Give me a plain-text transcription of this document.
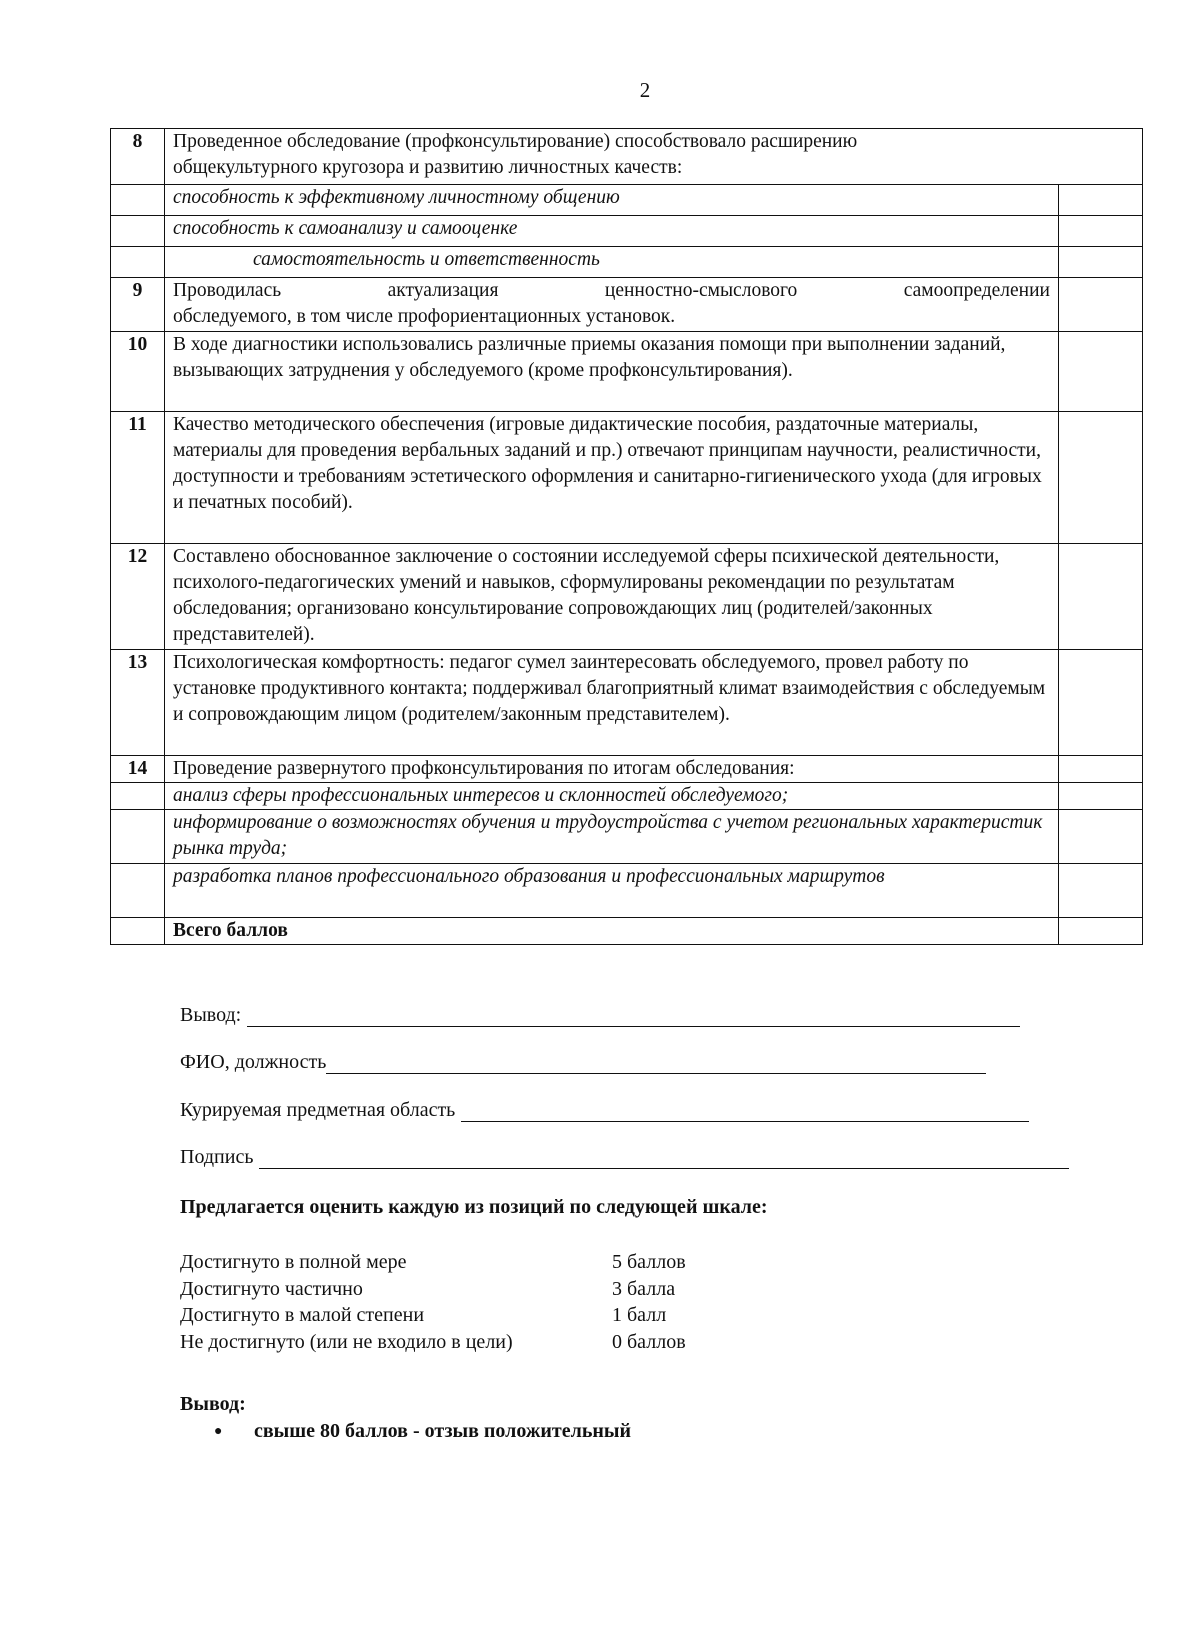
2
8	Проведенное обследование (профконсультирование) способствовало расширению
общекультурного кругозора и развитию личностных качеств:	

	способность к эффективному личностному общению	
	способность к самоанализу и самооценке	
	самостоятельность и ответственность	
9	Проводилась актуализация ценностно-смыслового самоопределении
обследуемого, в том числе профориентационных установок.	

10	В ходе диагностики использовались различные приемы оказания помощи при выполнении заданий, вызывающих затруднения у обследуемого (кроме профконсультирования).	
11	Качество методического обеспечения (игровые дидактические пособия, раздаточные материалы, материалы для проведения вербальных заданий и пр.) отвечают принципам научности, реалистичности, доступности и требованиям эстетического оформления и санитарно-гигиенического ухода (для игровых и печатных пособий).	
12	Составлено обоснованное заключение о состоянии исследуемой сферы психической деятельности, психолого-педагогических умений и навыков, сформулированы рекомендации по результатам обследования; организовано консультирование сопровождающих лиц (родителей/законных представителей).	
13	Психологическая комфортность: педагог сумел заинтересовать обследуемого, провел работу по установке продуктивного контакта; поддерживал благоприятный климат взаимодействия с обследуемым и сопровождающим лицом (родителем/законным представителем).	
14	Проведение развернутого профконсультирования по итогам обследования:	
	анализ сферы профессиональных интересов и склонностей обследуемого;	
	информирование о возможностях обучения и трудоустройства с учетом региональных характеристик рынка труда;	
	разработка планов профессионального образования и профессиональных маршрутов	
	Всего баллов	
Вывод:
ФИО, должность
Курируемая предметная область
Подпись
Предлагается оценить каждую из позиций по следующей шкале:
Достигнуто в полной мере	5 баллов
Достигнуто частично	3 балла
Достигнуто в малой степени	1 балл
Не достигнуто (или не входило в цели)	0 баллов
Вывод:
●	свыше 80 баллов - отзыв положительный
